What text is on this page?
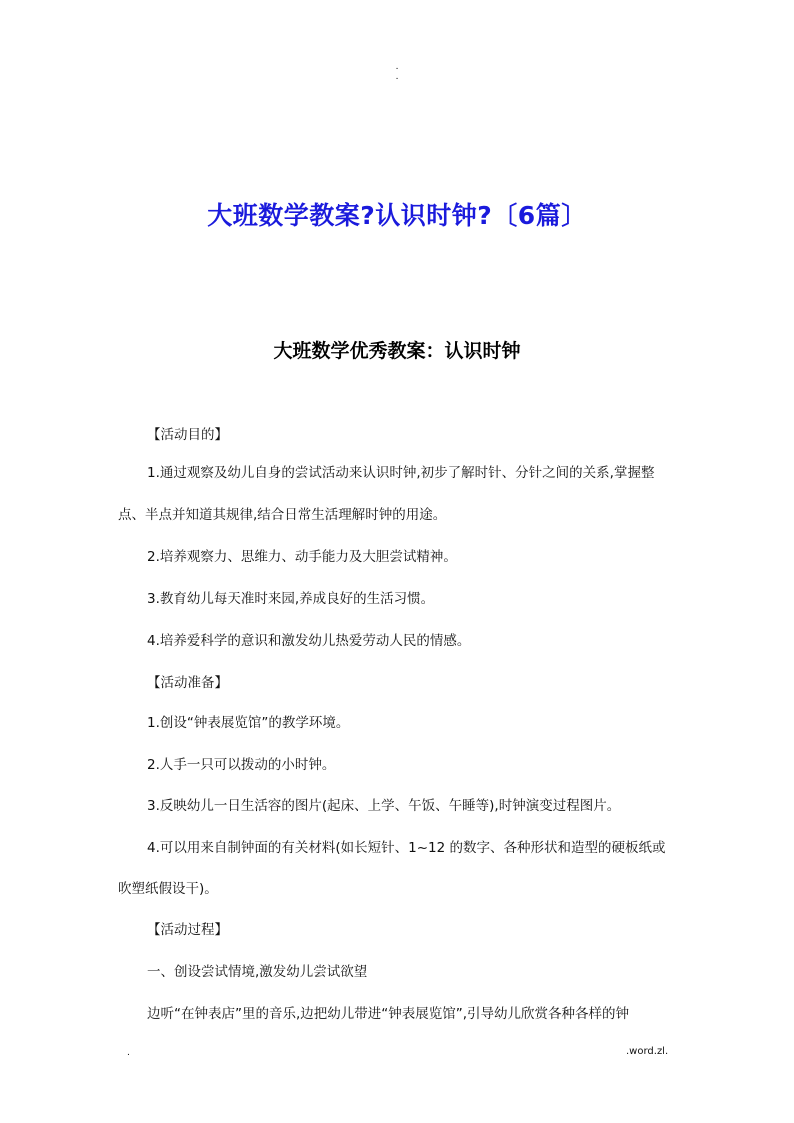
.
.
大班数学教案?认识时钟?〔6篇〕
大班数学优秀教案：认识时钟
【活动目的】
1.通过观察及幼儿自身的尝试活动来认识时钟,初步了解时针、分针之间的关系,掌握整
点、半点并知道其规律,结合日常生活理解时钟的用途。
2.培养观察力、思维力、动手能力及大胆尝试精神。
3.教育幼儿每天准时来园,养成良好的生活习惯。
4.培养爱科学的意识和激发幼儿热爱劳动人民的情感。
【活动准备】
1.创设“钟表展览馆”的教学环境。
2.人手一只可以拨动的小时钟。
3.反映幼儿一日生活容的图片(起床、上学、午饭、午睡等),时钟演变过程图片。
4.可以用来自制钟面的有关材料(如长短针、1~12 的数字、各种形状和造型的硬板纸或
吹塑纸假设干)。
【活动过程】
一、创设尝试情境,激发幼儿尝试欲望
边听“在钟表店”里的音乐,边把幼儿带进“钟表展览馆”,引导幼儿欣赏各种各样的钟
.	.word.zl.
